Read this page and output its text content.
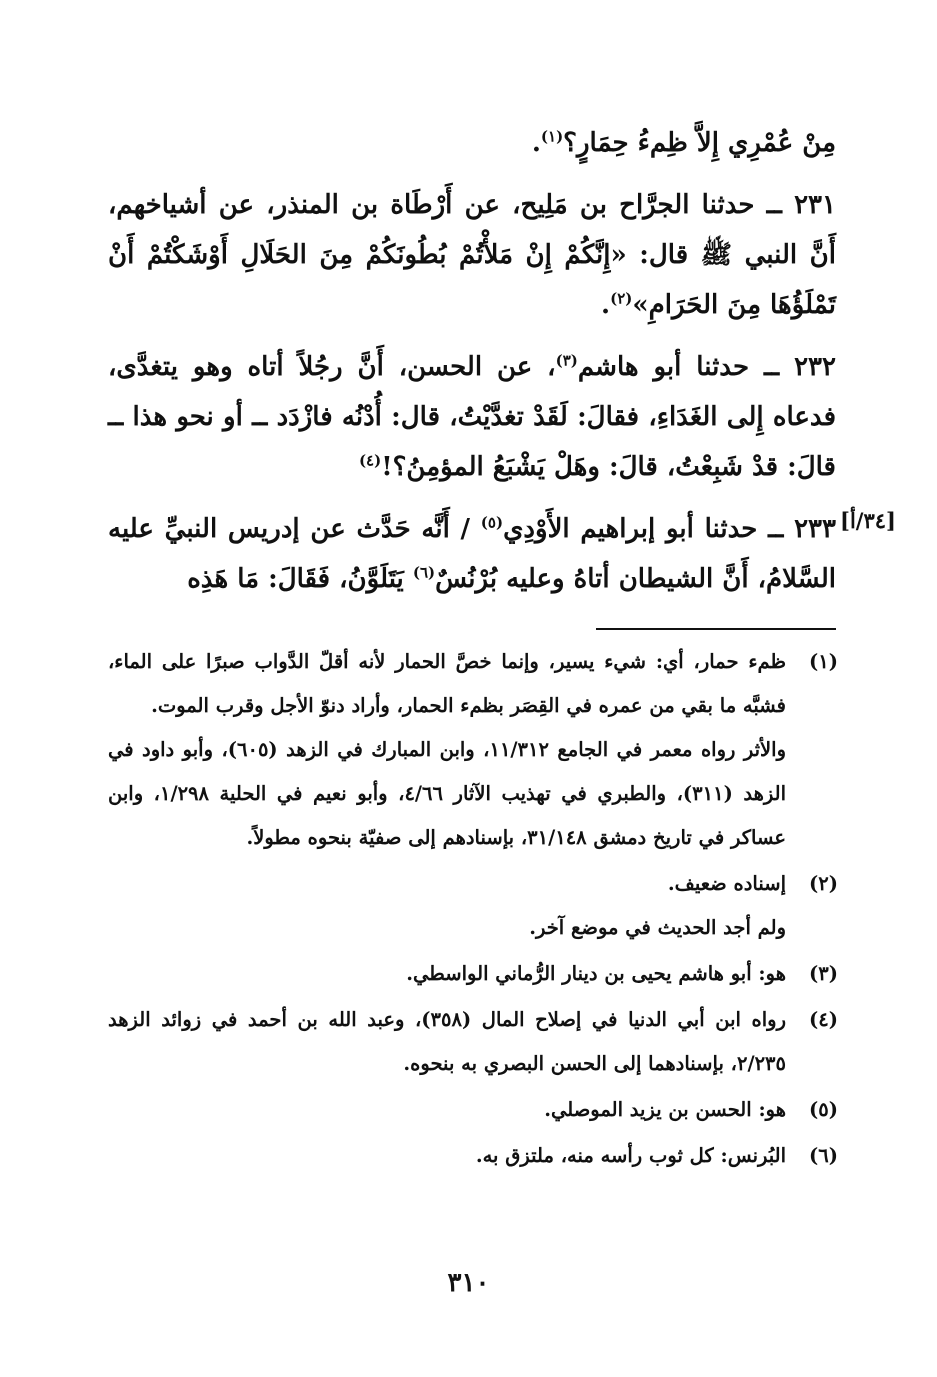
مِنْ عُمْرِي إِلاَّ ظِمءُ حِمَارٍ؟$^{(١)}$.

٢٣١ ــ حدثنا الجرَّاح بن مَلِيح، عن أَرْطَاة بن المنذر، عن أشياخهم، أَنَّ النبي ﷺ قال: «إِنَّكُمْ إِنْ مَلأْتُمْ بُطُونَكُمْ مِنَ الحَلَالِ أَوْشَكْتُمْ أَنْ تَمْلَؤُهَا مِنَ الحَرَامِ»$^{(٢)}$.

٢٣٢ ــ حدثنا أبو هاشم$^{(٣)}$، عن الحسن، أَنَّ رجُلاً أتاه وهو يتغدَّى، فدعاه إِلى الغَدَاءِ، فقالَ: لَقَدْ تغدَّيْتُ، قال: أُدْنُه فازْدَد ــ أو نحو هذا ــ قالَ: قدْ شَبِعْتُ، قالَ: وهَلْ يَشْبَعُ المؤمِنُ؟!$^{(٤)}$

٢٣٣ ــ حدثنا أبو إبراهيم الأَوْدِي$^{(٥)}$ / أَنَّه حَدَّث عن إدريس النبيِّ عليه السَّلامُ، أَنَّ الشيطان أتاهُ وعليه بُرْنُسٌ$^{(٦)}$ يَتَلَوَّنُ، فَقَالَ: مَا هَذِه

[٣٤/أ]
(١)

ظمء حمار، أي: شيء يسير، وإنما خصَّ الحمار لأنه أقلّ الدَّواب صبرًا على الماء، فشبَّه ما بقي من عمره في القِصَر بظمء الحمار، وأراد دنوّ الأجل وقرب الموت.

والأثر رواه معمر في الجامع ١١/٣١٢، وابن المبارك في الزهد (٦٠٥)، وأبو داود في الزهد (٣١١)، والطبري في تهذيب الآثار ٤/٦٦، وأبو نعيم في الحلية ١/٢٩٨، وابن عساكر في تاريخ دمشق ٣١/١٤٨، بإسنادهم إلى صفيّة بنحوه مطولاً.

(٢)

إسناده ضعيف.

ولم أجد الحديث في موضع آخر.

(٣)

هو: أبو هاشم يحيى بن دينار الرُّماني الواسطي.

(٤)

رواه ابن أبي الدنيا في إصلاح المال (٣٥٨)، وعبد الله بن أحمد في زوائد الزهد ٢/٢٣٥، بإسنادهما إلى الحسن البصري به بنحوه.

(٥)

هو: الحسن بن يزيد الموصلي.

(٦)

البُرنس: كل ثوب رأسه منه، ملتزق به.

٣١٠
